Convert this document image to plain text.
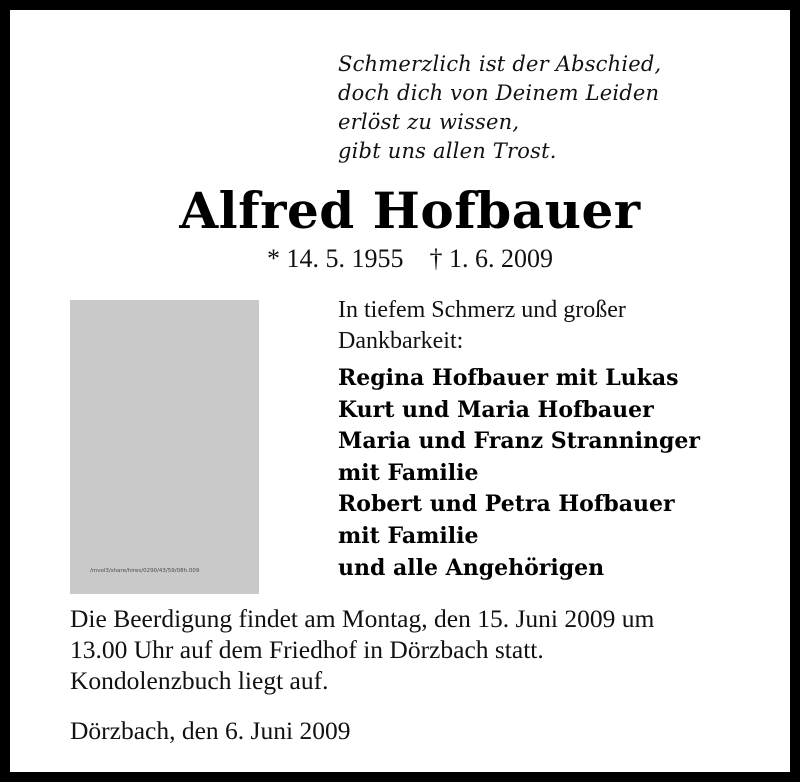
Schmerzlich ist der Abschied,
doch dich von Deinem Leiden
erlöst zu wissen,
gibt uns allen Trost.
Alfred Hofbauer
* 14. 5. 1955 † 1. 6. 2009
/mvol3/share/hires/0290/43/59/08h.009
In tiefem Schmerz und großer
Dankbarkeit:
Regina Hofbauer mit Lukas
Kurt und Maria Hofbauer
Maria und Franz Stranninger
mit Familie
Robert und Petra Hofbauer
mit Familie
und alle Angehörigen
Die Beerdigung findet am Montag, den 15. Juni 2009 um
13.00 Uhr auf dem Friedhof in Dörzbach statt.
Kondolenzbuch liegt auf.
Dörzbach, den 6. Juni 2009
